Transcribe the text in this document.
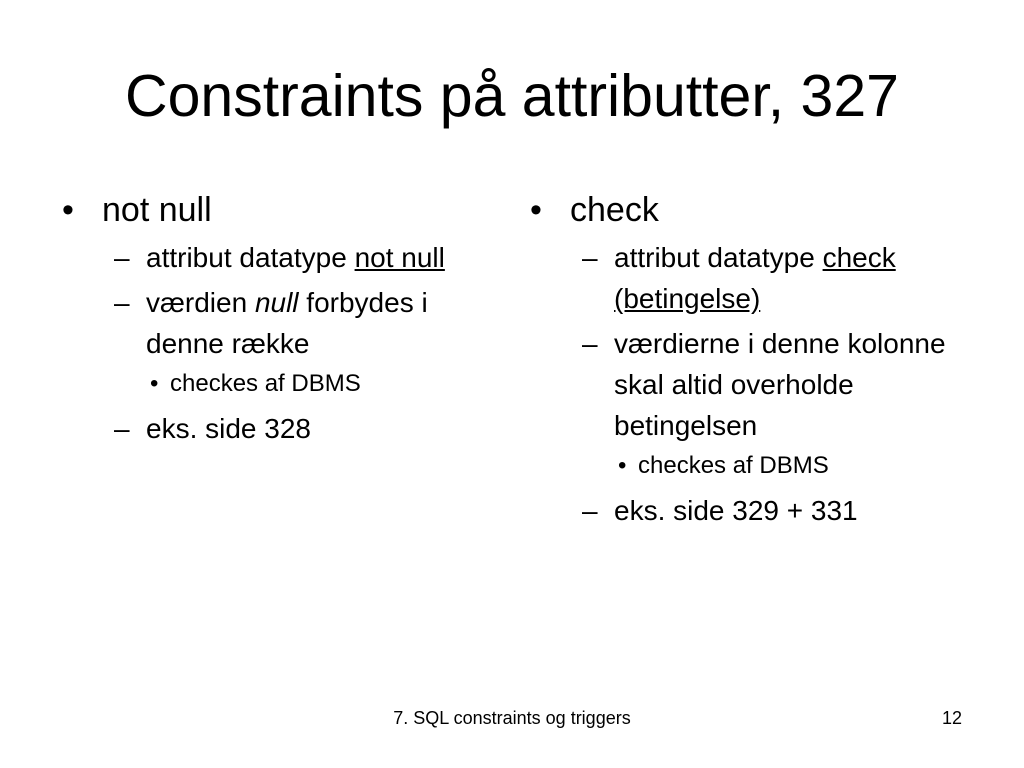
Constraints på attributter, 327
• not null
– attribut datatype not null
– værdien null forbydes i denne række
• checkes af DBMS
– eks. side 328
• check
– attribut datatype check (betingelse)
– værdierne i denne kolonne skal altid overholde betingelsen
• checkes af DBMS
– eks. side 329 + 331
7. SQL constraints og triggers	12
